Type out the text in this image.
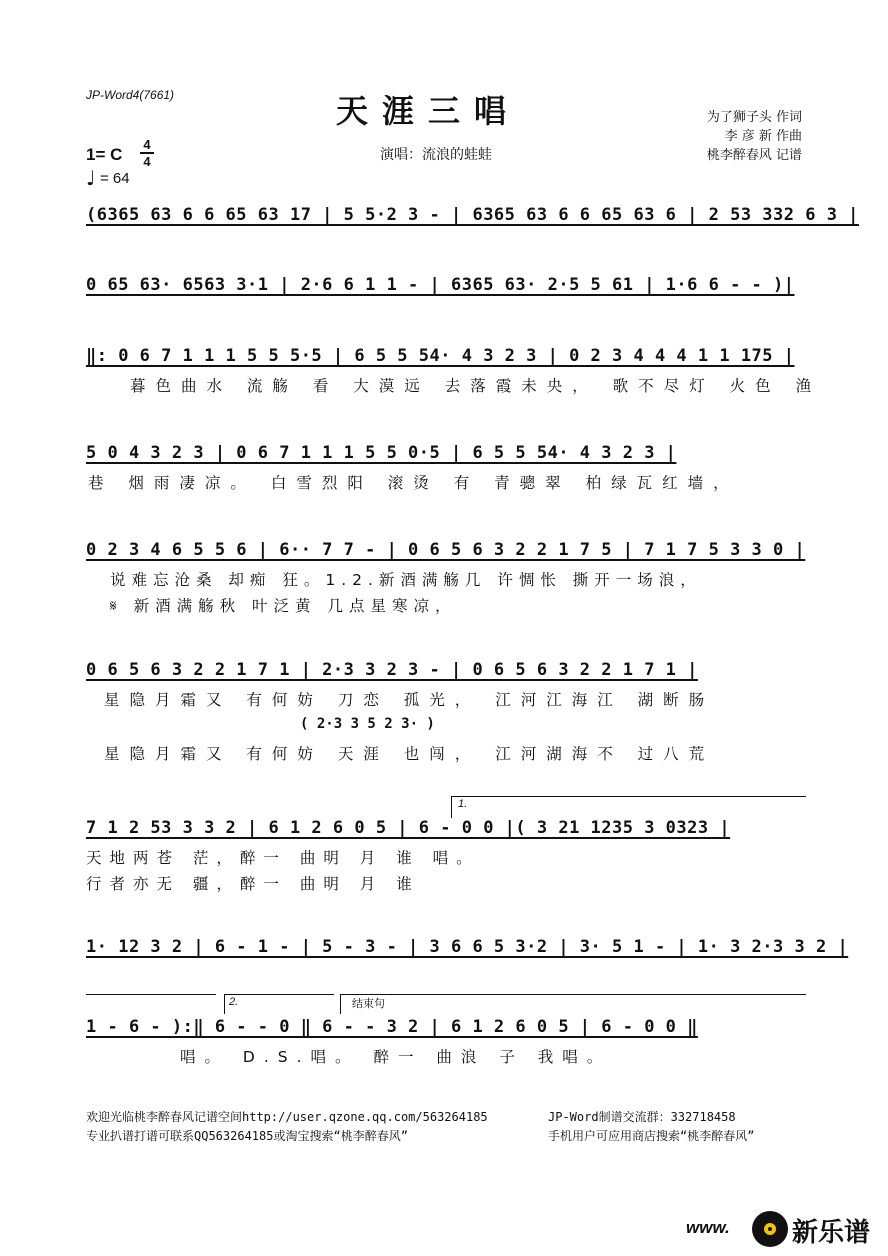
JP-Word4(7661)	天涯三唱
1= C
4
4
♩ = 64
演唱：流浪的蛙蛙
为了狮子头 作词
李 彦 新 作曲
桃李醉春风 记谱
(6365 63 6 6 65 63 17 | 5 5·2 3 - | 6365 63 6 6 65 63 6 | 2 53 332 6 3 |
0 65 63· 6563 3·1 | 2·6 6 1 1 - | 6365 63· 2·5 5 61 | 1·6 6 - - )|
‖: 0 6 7 1 1 1 5 5 5·5 | 6 5 5 54· 4 3 2 3 | 0 2 3 4 4 4 1 1 175 |
暮色曲水 流觞 看 大漠远 去落霞未央， 歌不尽灯 火色 渔
5 0 4 3 2 3 | 0 6 7 1 1 1 5 5 0·5 | 6 5 5 54· 4 3 2 3 |
巷 烟雨凄凉。 白雪烈阳 滚烫 有 青骢翠 柏绿瓦红墙，
0 2 3 4 6 5 5 6 | 6·· 7 7 - | 0 6 5 6 3 2 2 1 7 5 | 7 1 7 5 3 3 0 |
说难忘沧桑 却痴 狂。1.2.新酒满觞几 许惆怅 撕开一场浪，
𝄋 新酒满觞秋 叶泛黄 几点星寒凉，
0 6 5 6 3 2 2 1 7 1 | 2·3 3 2 3 - | 0 6 5 6 3 2 2 1 7 1 |
星隐月霜又 有何妨 刀恋 孤光， 江河江海江 湖断肠
( 2·3 3 5 2 3· )
星隐月霜又 有何妨 天涯 也闯， 江河湖海不 过八荒
1.
7 1 2 53 3 3 2 | 6 1 2 6 0 5 | 6 - 0 0 |( 3 21 1235 3 0323 |
天地两苍 茫，醉一 曲明 月 谁 唱。
行者亦无 疆，醉一 曲明 月 谁
1· 12 3 2 | 6 - 1 - | 5 - 3 - | 3 6 6 5 3·2 | 3· 5 1 - | 1· 3 2·3 3 2 |
2.	结束句
1 - 6 - ):‖ 6 - - 0 ‖ 6 - - 3 2 | 6 1 2 6 0 5 | 6 - 0 0 ‖
唱。 D.S.唱。 醉一 曲浪 子 我唱。
欢迎光临桃李醉春风记谱空间http://user.qzone.qq.com/563264185	JP-Word制谱交流群：332718458
专业扒谱打谱可联系QQ563264185或淘宝搜索“桃李醉春风”	手机用户可应用商店搜索“桃李醉春风”
www. 新乐谱
